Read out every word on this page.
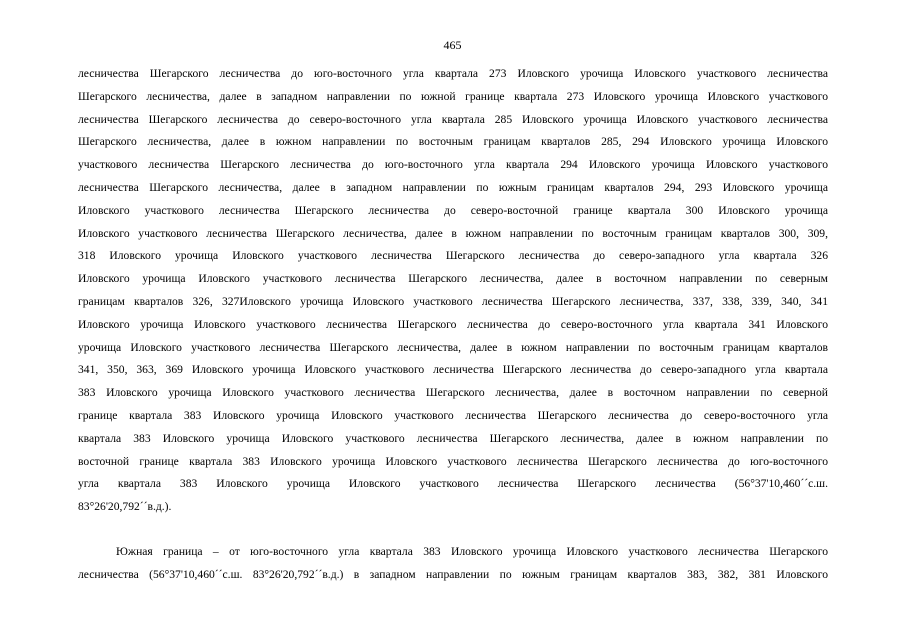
465
лесничества Шегарского лесничества до юго-восточного угла квартала 273 Иловского урочища Иловского участкового лесничества
Шегарского лесничества, далее в западном направлении по южной границе квартала 273 Иловского урочища Иловского участкового
лесничества Шегарского лесничества до северо-восточного угла квартала 285 Иловского урочища Иловского участкового лесничества
Шегарского лесничества, далее в южном направлении по восточным границам кварталов 285, 294 Иловского урочища Иловского
участкового лесничества Шегарского лесничества до юго-восточного угла квартала 294 Иловского урочища Иловского участкового
лесничества Шегарского лесничества, далее в западном направлении по южным границам кварталов 294, 293 Иловского урочища
Иловского участкового лесничества Шегарского лесничества до северо-восточной границе квартала 300 Иловского урочища
Иловского участкового лесничества Шегарского лесничества, далее в южном направлении по восточным границам кварталов 300, 309,
318 Иловского урочища Иловского участкового лесничества Шегарского лесничества до северо-западного угла квартала 326
Иловского урочища Иловского участкового лесничества Шегарского лесничества, далее в восточном направлении по северным
границам кварталов 326, 327Иловского урочища Иловского участкового лесничества Шегарского лесничества, 337, 338, 339, 340, 341
Иловского урочища Иловского участкового лесничества Шегарского лесничества до северо-восточного угла квартала 341 Иловского
урочища Иловского участкового лесничества Шегарского лесничества, далее в южном направлении по восточным границам кварталов
341, 350, 363, 369 Иловского урочища Иловского участкового лесничества Шегарского лесничества до северо-западного угла квартала
383 Иловского урочища Иловского участкового лесничества Шегарского лесничества, далее в восточном направлении по северной
границе квартала 383 Иловского урочища Иловского участкового лесничества Шегарского лесничества до северо-восточного угла
квартала 383 Иловского урочища Иловского участкового лесничества Шегарского лесничества, далее в южном направлении по
восточной границе квартала 383 Иловского урочища Иловского участкового лесничества Шегарского лесничества до юго-восточного
угла квартала 383 Иловского урочища Иловского участкового лесничества Шегарского лесничества (56°37'10,460´´с.ш.
83°26'20,792´´в.д.).
Южная граница – от юго-восточного угла квартала 383 Иловского урочища Иловского участкового лесничества Шегарского
лесничества (56°37'10,460´´с.ш. 83°26'20,792´´в.д.) в западном направлении по южным границам кварталов 383, 382, 381 Иловского
